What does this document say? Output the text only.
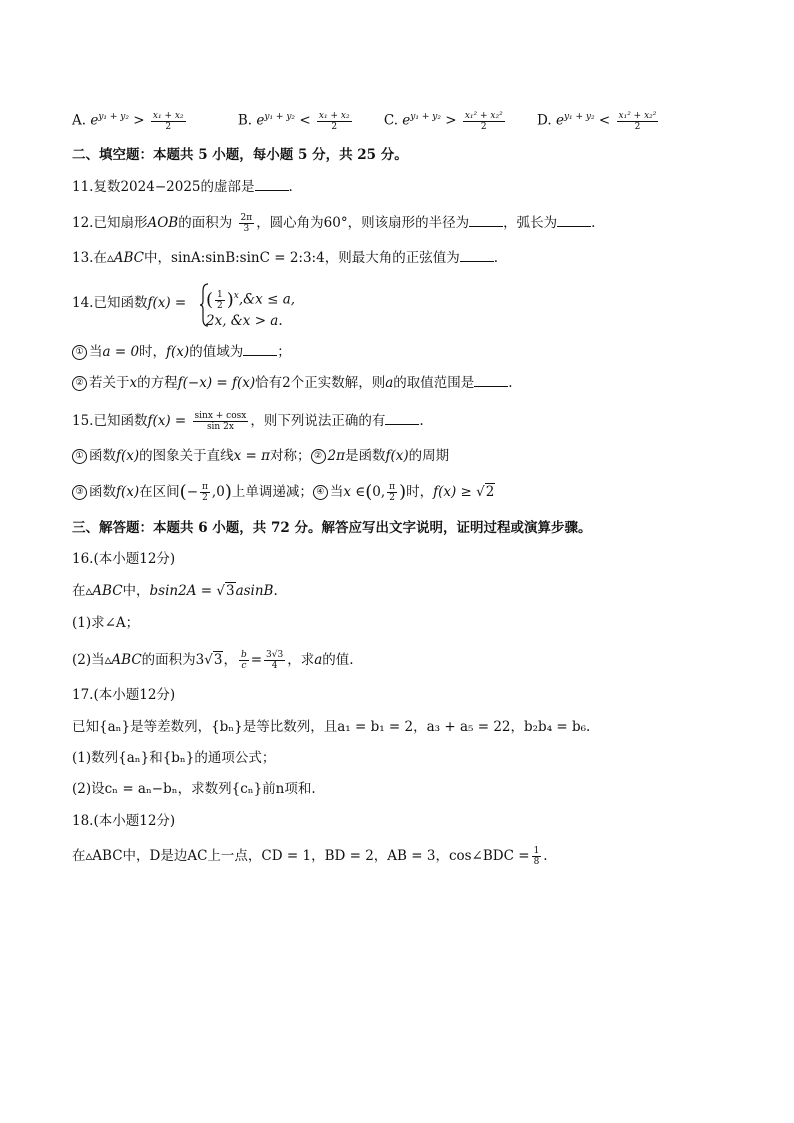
A. $e^{y_1 + y_2} > \frac{\text{x₁ + x₂}}{2}$	B. $e^{y_1 + y_2} < \frac{\text{x₁ + x₂}}{2} C$. $e^{y_1 + y_2} > \frac{\text{x₁² + x₂²}}{2} D$. $e^{y_1 + y_2} < \frac{\text{x₁² + x₂²}}{2}$
二、填空题：本题共 5 小题，每小题 5 分，共 25 分。
11.复数2024−2025的虚部是	.
12.已知扇形AOB的面积为 $\frac{2\pi}{3}$ ，圆心角为60°，则该扇形的半径为	，弧长为	.
13.在▵ABC中，sinA:sinB:sinC = 2:3:4，则最大角的正弦值为	.
14.已知函数f(x) = ( $\frac{1}{2}$ )$^x$,&x ≤ a,
2x, &x > a.
① 当a = 0时，f(x)的值域为	；
② 若关于x的方程f(−x) = f(x)恰有2个正实数解，则a的取值范围是	.
15.已知函数$f(x) = \frac{\sin x + \cos x}{\sin 2x}$ ，则下列说法正确的有	.
① 函数f(x)的图象关于直线x = π对称； ② 2π是函数f(x)的周期
③ 函数f(x)在区间(− $\frac{\pi}{2} ,0$)上单调递减； ④ 当x ∈(0, $\frac{\pi}{2}$ )时，f(x) ≥ √2
三、解答题：本题共 6 小题，共 72 分。解答应写出文字说明，证明过程或演算步骤。
16.(本小题12分)
在▵ABC中，bsin2A = √3asinB.
(1)求∠A；
(2)当▵ABC的面积为3√3， $\frac{b}{c} = \frac{3√3}{4}$ ，求a的值.
17.(本小题12分)
已知{aₙ}是等差数列，{bₙ}是等比数列，且a₁ = b₁ = 2，a₃ + a₅ = 22，b₂b₄ = b₆.
(1)数列{aₙ}和{bₙ}的通项公式；
(2)设cₙ = aₙ−bₙ，求数列{cₙ}前n项和.
18.(本小题12分)
在▵ABC中，D是边AC上一点，CD = 1，BD = 2，AB = 3，cos∠BDC = $\frac{1}{8}$ .
